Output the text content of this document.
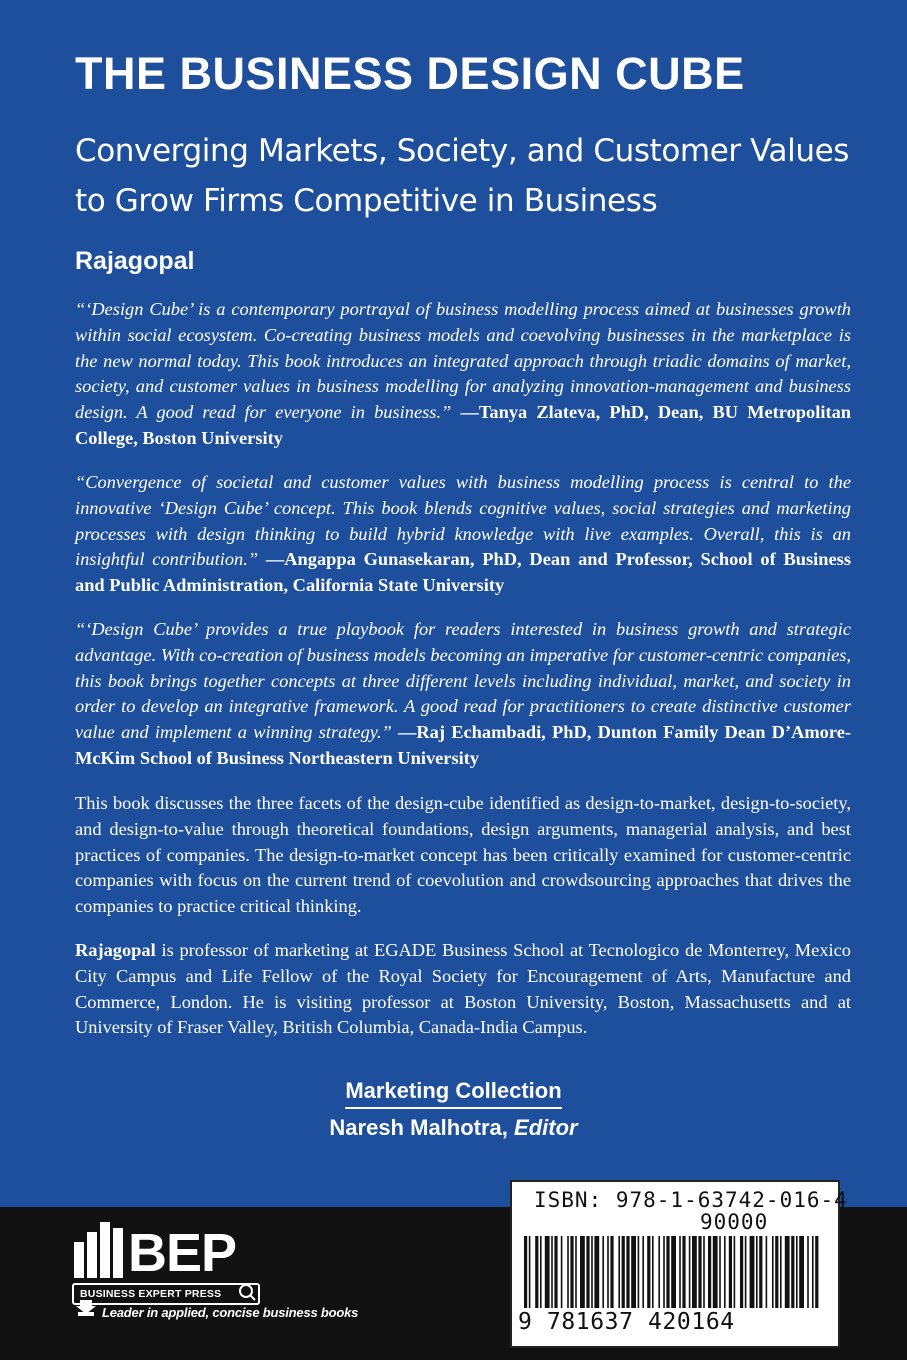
THE BUSINESS DESIGN CUBE
Converging Markets, Society, and Customer Values to Grow Firms Competitive in Business
Rajagopal

“‘Design Cube’ is a contemporary portrayal of business modelling process aimed at businesses growth within social ecosystem. Co-creating business models and coevolving businesses in the marketplace is the new normal today. This book introduces an integrated approach through triadic domains of market, society, and customer values in business modelling for analyzing innovation-management and business design. A good read for everyone in business.” —Tanya Zlateva, PhD, Dean, BU Metropolitan College, Boston University

“Convergence of societal and customer values with business modelling process is central to the innovative ‘Design Cube’ concept. This book blends cognitive values, social strategies and marketing processes with design thinking to build hybrid knowledge with live examples. Overall, this is an insightful contribution.” —Angappa Gunasekaran, PhD, Dean and Professor, School of Business and Public Administration, California State University

“‘Design Cube’ provides a true playbook for readers interested in business growth and strategic advantage. With co-creation of business models becoming an imperative for customer-centric companies, this book brings together concepts at three different levels including individual, market, and society in order to develop an integrative framework. A good read for practitioners to create distinctive customer value and implement a winning strategy.” —Raj Echambadi, PhD, Dunton Family Dean D’Amore-McKim School of Business Northeastern University

This book discusses the three facets of the design-cube identified as design-to-market, design-to-society, and design-to-value through theoretical foundations, design arguments, managerial analysis, and best practices of companies. The design-to-market concept has been critically examined for customer-centric companies with focus on the current trend of coevolution and crowdsourcing approaches that drives the companies to practice critical thinking.

Rajagopal is professor of marketing at EGADE Business School at Tecnologico de Monterrey, Mexico City Campus and Life Fellow of the Royal Society for Encouragement of Arts, Manufacture and Commerce, London. He is visiting professor at Boston University, Boston, Massachusetts and at University of Fraser Valley, British Columbia, Canada-India Campus.

Marketing Collection
Naresh Malhotra, Editor
BEP
BUSINESS EXPERT PRESS
Leader in applied, concise business books
ISBN: 978-1-63742-016-4
90000
9 781637 420164
